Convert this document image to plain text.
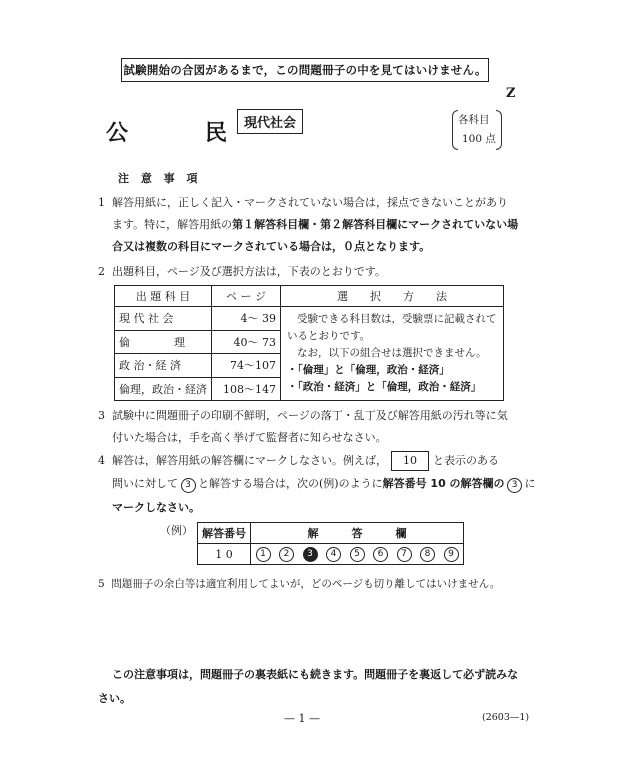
試験開始の合図があるまで，この問題冊子の中を見てはいけません。
Z
公	民	現代社会	各科目
100 点
注 意 事 項
1 解答用紙に，正しく記入・マークされていない場合は，採点できないことがあり
ます。特に，解答用紙の第１解答科目欄・第２解答科目欄にマークされていない場
合又は複数の科目にマークされている場合は，０点となります。
2 出題科目，ページ及び選択方法は，下表のとおりです。
出 題 科 目	ペ ー ジ	選　　択　　方　　法
現 代 社 会	4〜 39	受験できる科目数は，受験票に記載されて
いるとおりです。
なお，以下の組合せは選択できません。
・「倫理」と「倫理，政治・経済」
・「政治・経済」と「倫理，政治・経済」

倫　　　　理	40〜 73	
政 治・経 済	74〜107	
倫理，政治・経済	108〜147	
3 試験中に問題冊子の印刷不鮮明，ページの落丁・乱丁及び解答用紙の汚れ等に気
付いた場合は，手を高く挙げて監督者に知らせなさい。
4 解答は，解答用紙の解答欄にマークしなさい。例えば， 10 と表示のある
問いに対して 3 と解答する場合は，次の(例)のように解答番号 10 の解答欄の 3 に
マークしなさい。
（例） 解答番号	解　　　答　　　欄
1 0	1 2 3 4 5 6 7 8 9
5 問題冊子の余白等は適宜利用してよいが，どのページも切り離してはいけません。
この注意事項は，問題冊子の裏表紙にも続きます。問題冊子を裏返して必ず読みな
さい。
— 1 —	(2603—1)
